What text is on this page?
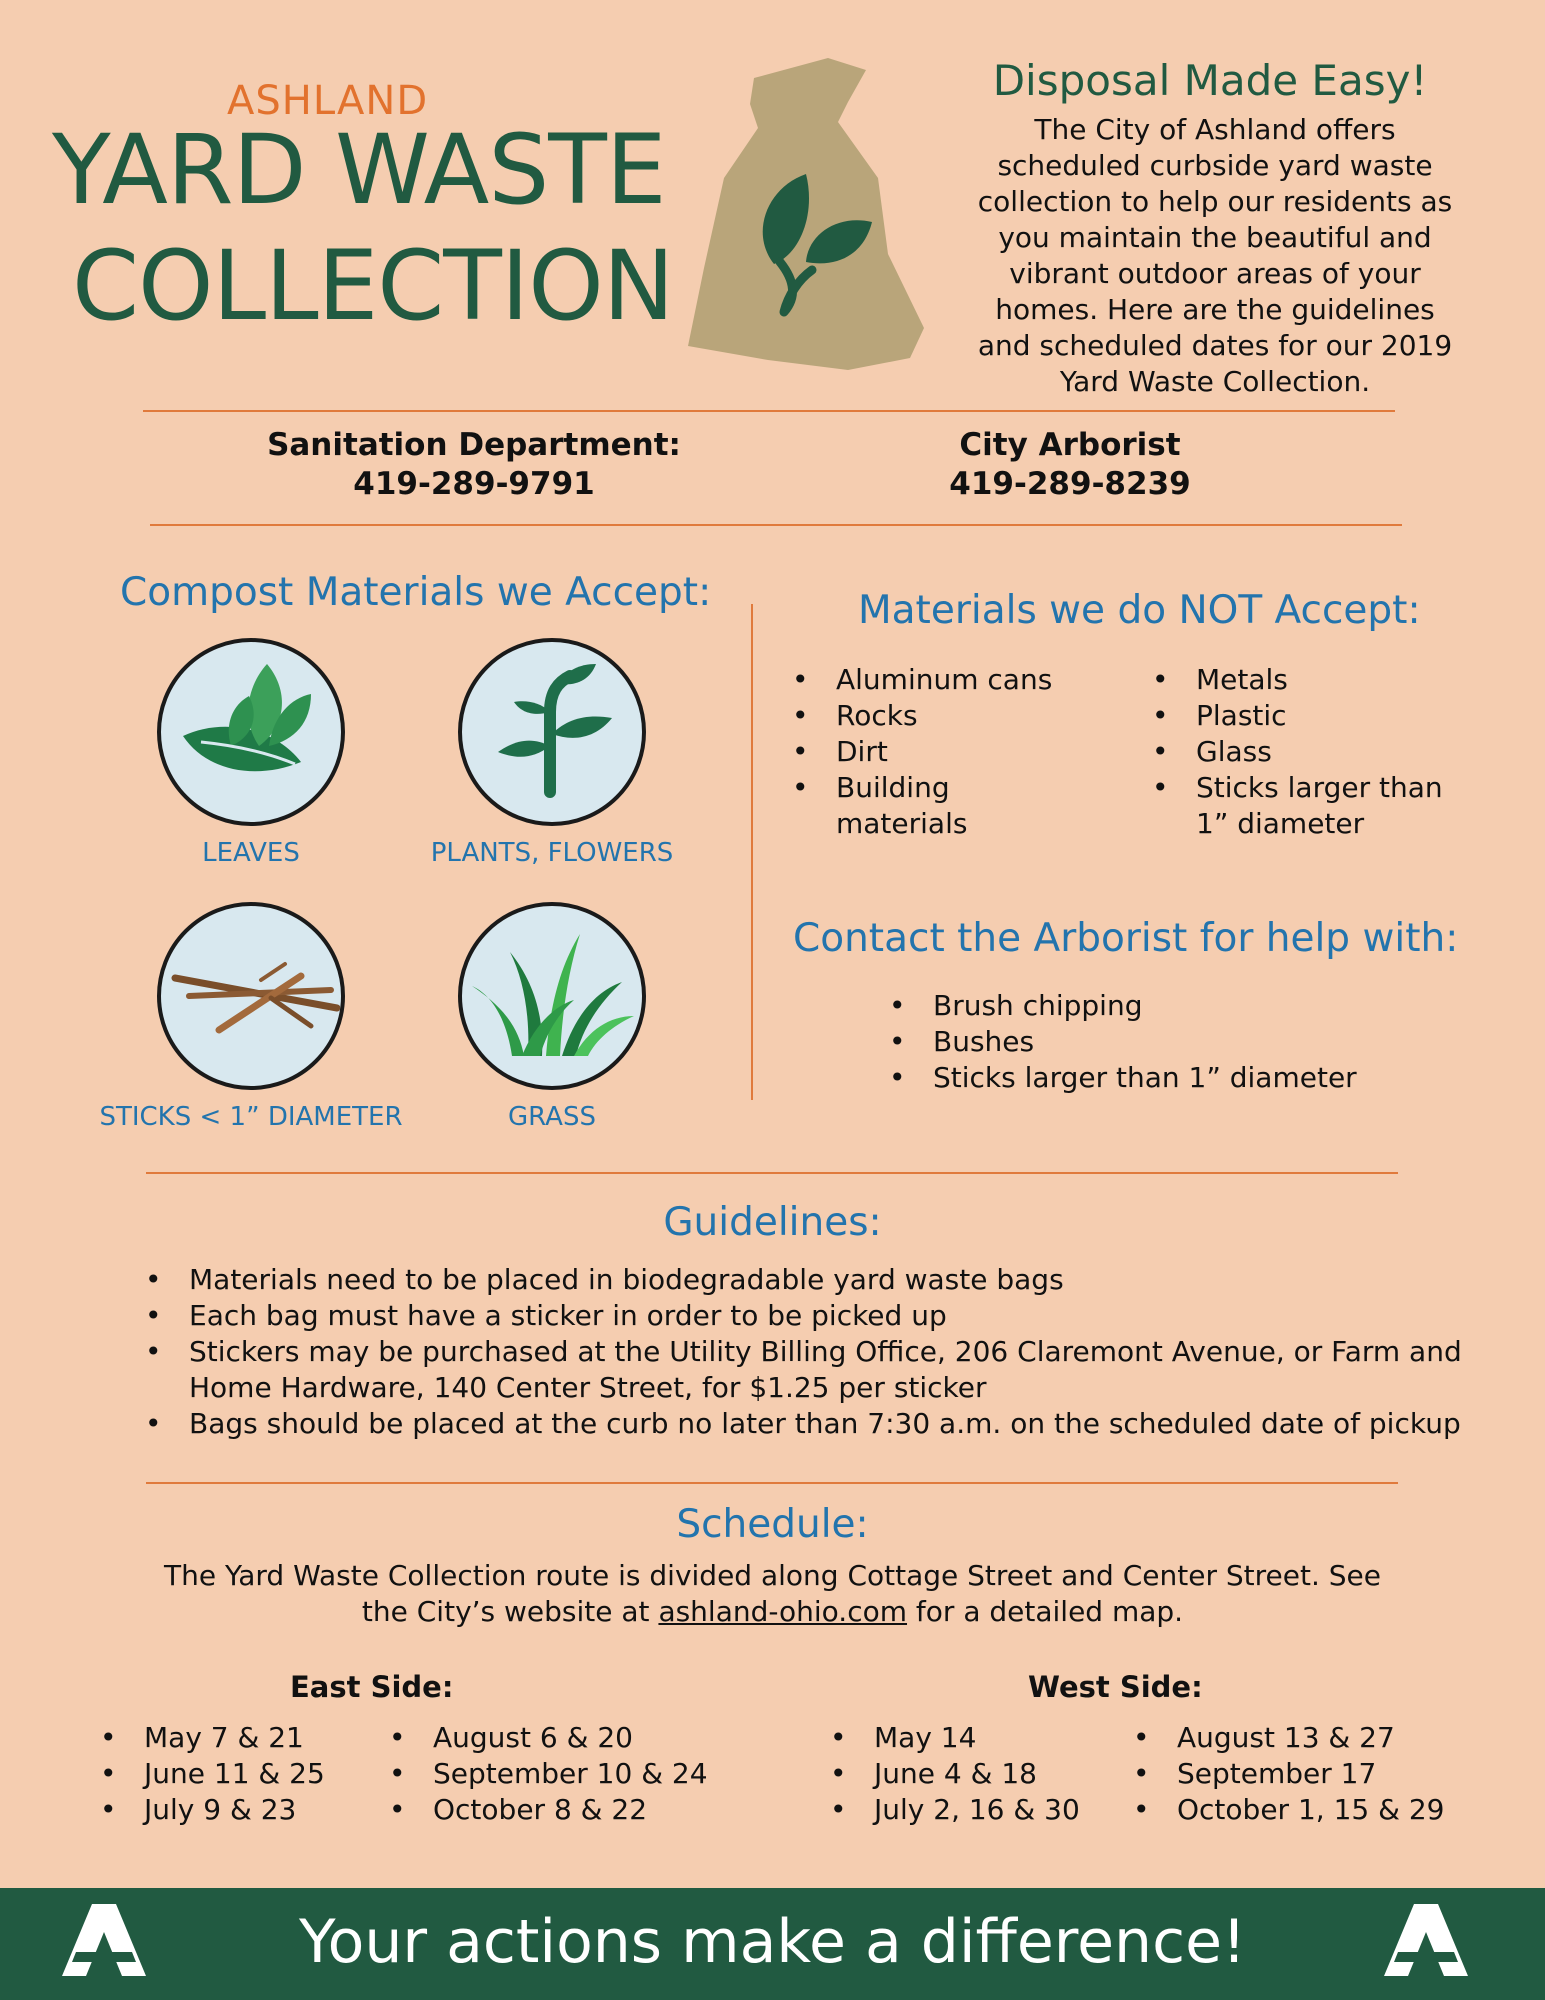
ASHLAND
YARD WASTE
COLLECTION
Disposal Made Easy!
The City of Ashland offers scheduled curbside yard waste collection to help our residents as you maintain the beautiful and vibrant outdoor areas of your homes. Here are the guidelines and scheduled dates for our 2019 Yard Waste Collection.
Sanitation Department:
419-289-9791
City Arborist
419-289-8239
Compost Materials we Accept:
LEAVES	PLANTS, FLOWERS
STICKS < 1” DIAMETER	GRASS
Materials we do NOT Accept:
• Aluminum cans
• Rocks
• Dirt
• Building materials
• Metals
• Plastic
• Glass
• Sticks larger than 1” diameter
Contact the Arborist for help with:
• Brush chipping
• Bushes
• Sticks larger than 1” diameter
Guidelines:
• Materials need to be placed in biodegradable yard waste bags
• Each bag must have a sticker in order to be picked up
• Stickers may be purchased at the Utility Billing Office, 206 Claremont Avenue, or Farm and Home Hardware, 140 Center Street, for $1.25 per sticker
• Bags should be placed at the curb no later than 7:30 a.m. on the scheduled date of pickup
Schedule:
The Yard Waste Collection route is divided along Cottage Street and Center Street. See the City’s website at ashland-ohio.com for a detailed map.
East Side:	West Side:
• May 7 & 21
• June 11 & 25
• July 9 & 23
• August 6 & 20
• September 10 & 24
• October 8 & 22
• May 14
• June 4 & 18
• July 2, 16 & 30
• August 13 & 27
• September 17
• October 1, 15 & 29
Your actions make a difference!
